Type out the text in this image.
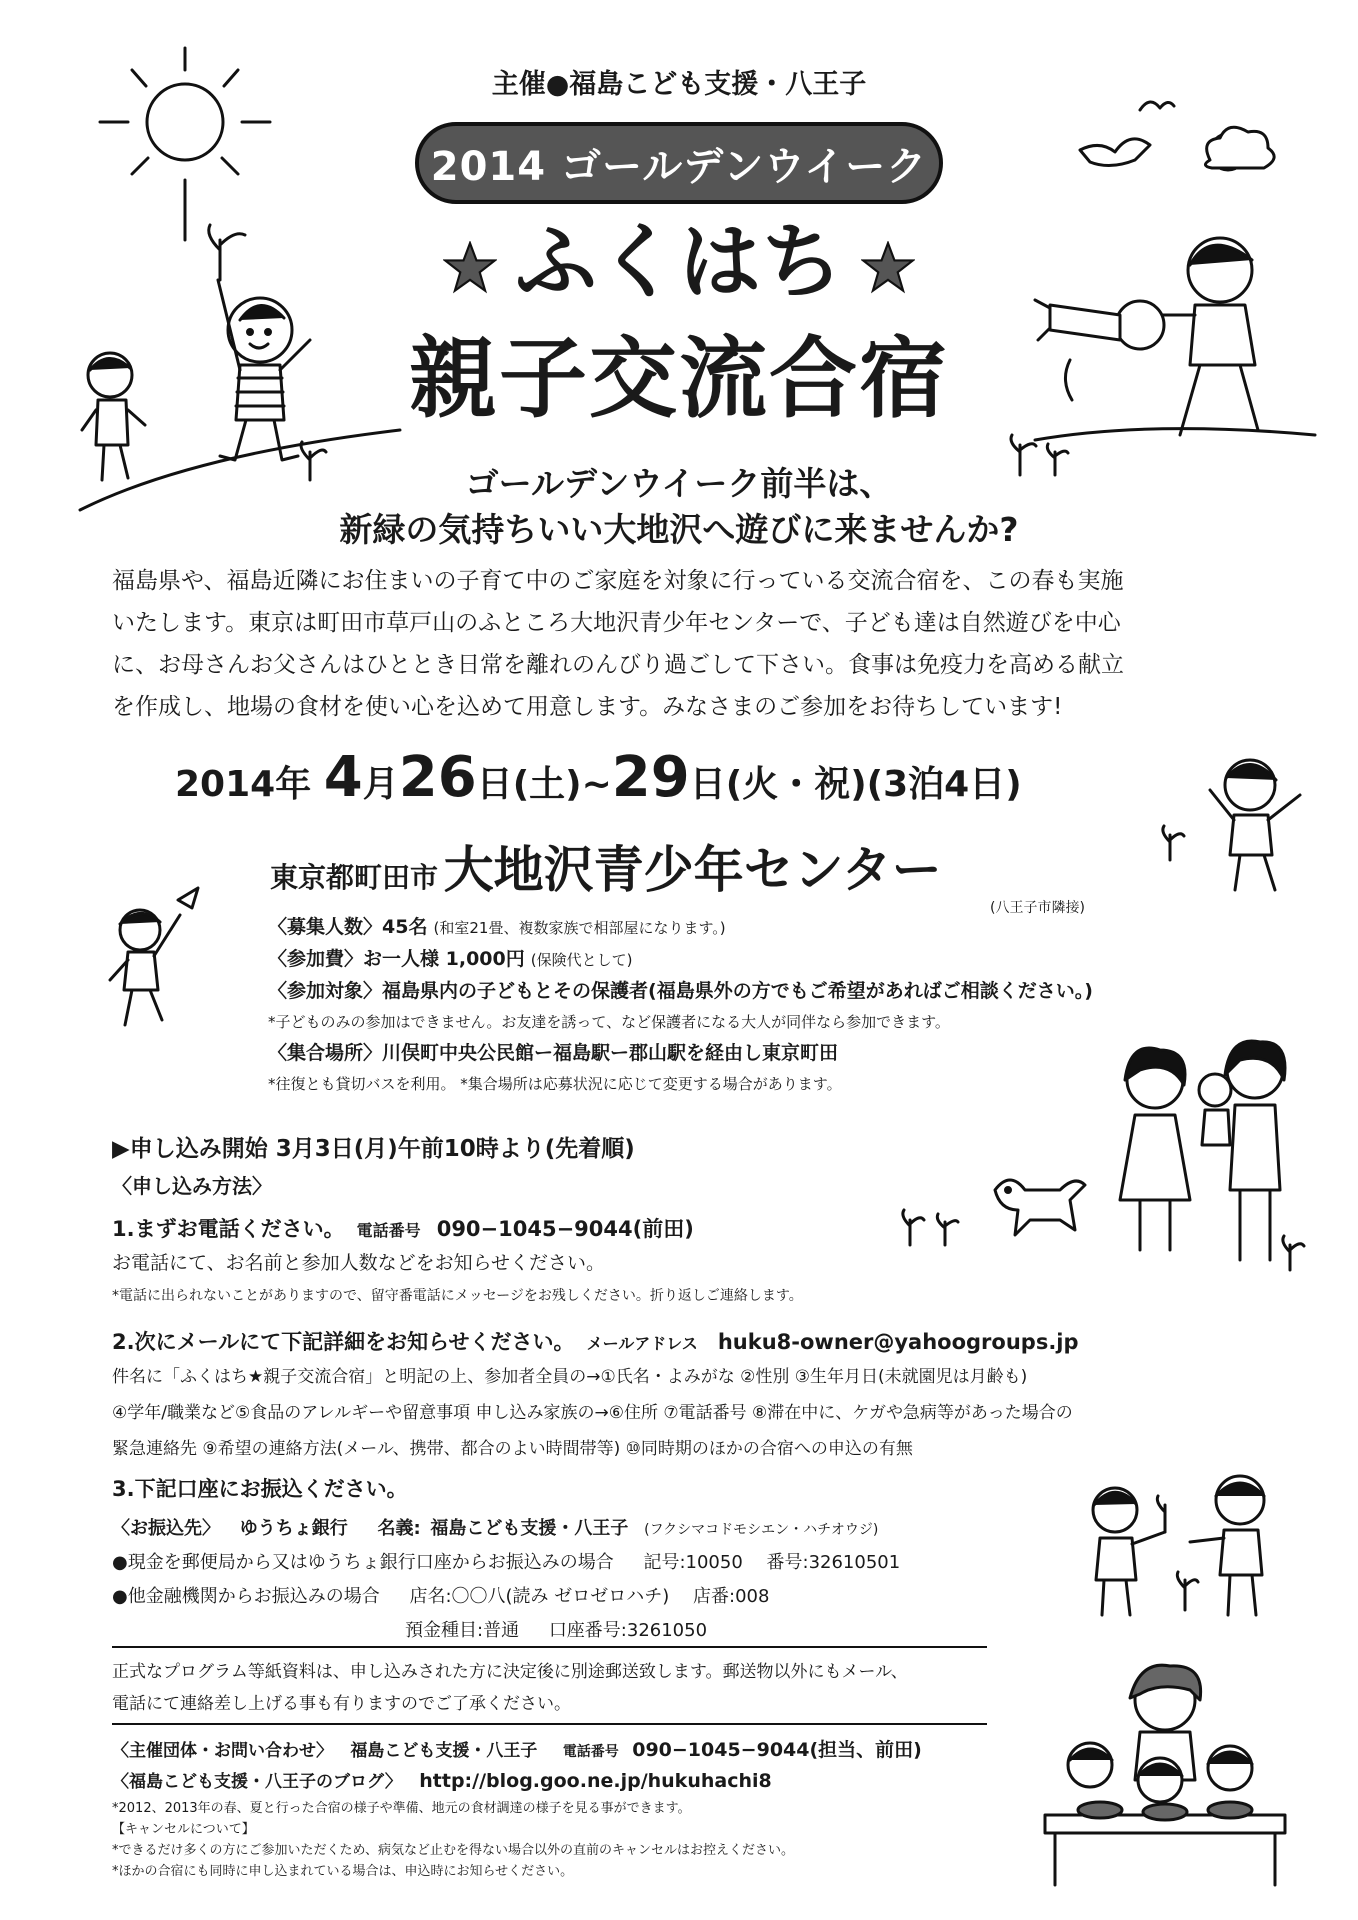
主催●福島こども支援・八王子
2014 ゴールデンウイーク
ふくはち
親子交流合宿
ゴールデンウイーク前半は、
新緑の気持ちいい大地沢へ遊びに来ませんか?
福島県や、福島近隣にお住まいの子育て中のご家庭を対象に行っている交流合宿を、この春も実施
いたします。東京は町田市草戸山のふところ大地沢青少年センターで、子ども達は自然遊びを中心
に、お母さんお父さんはひととき日常を離れのんびり過ごして下さい。食事は免疫力を高める献立
を作成し、地場の食材を使い心を込めて用意します。みなさまのご参加をお待ちしています!
2014年 4月26日(土)~29日(火・祝)(3泊4日)
東京都町田市 大地沢青少年センター
(八王子市隣接)
〈募集人数〉45名 (和室21畳、複数家族で相部屋になります。)
〈参加費〉お一人様 1,000円 (保険代として)
〈参加対象〉福島県内の子どもとその保護者(福島県外の方でもご希望があればご相談ください。)
*子どものみの参加はできません。お友達を誘って、など保護者になる大人が同伴なら参加できます。
〈集合場所〉川俣町中央公民館ー福島駅ー郡山駅を経由し東京町田
*往復とも貸切バスを利用。 *集合場所は応募状況に応じて変更する場合があります。
▶申し込み開始 3月3日(月)午前10時より(先着順)
〈申し込み方法〉
1.まずお電話ください。 電話番号 090−1045−9044(前田)
お電話にて、お名前と参加人数などをお知らせください。
*電話に出られないことがありますので、留守番電話にメッセージをお残しください。折り返しご連絡します。
2.次にメールにて下記詳細をお知らせください。 メールアドレス huku8-owner@yahoogroups.jp
件名に「ふくはち★親子交流合宿」と明記の上、参加者全員の→①氏名・よみがな ②性別 ③生年月日(未就園児は月齢も)
④学年/職業など⑤食品のアレルギーや留意事項 申し込み家族の→⑥住所 ⑦電話番号 ⑧滞在中に、ケガや急病等があった場合の
緊急連絡先 ⑨希望の連絡方法(メール、携帯、都合のよい時間帯等) ⑩同時期のほかの合宿への申込の有無
3.下記口座にお振込ください。
〈お振込先〉 ゆうちょ銀行 名義: 福島こども支援・八王子 (フクシマコドモシエン・ハチオウジ)
●現金を郵便局から又はゆうちょ銀行口座からお振込みの場合 記号:10050 番号:32610501
●他金融機関からお振込みの場合 店名:〇〇八(読み ゼロゼロハチ) 店番:008
預金種目:普通 口座番号:3261050
正式なプログラム等紙資料は、申し込みされた方に決定後に別途郵送致します。郵送物以外にもメール、
電話にて連絡差し上げる事も有りますのでご了承ください。
〈主催団体・お問い合わせ〉 福島こども支援・八王子 電話番号 090−1045−9044(担当、前田)
〈福島こども支援・八王子のブログ〉 http://blog.goo.ne.jp/hukuhachi8
*2012、2013年の春、夏と行った合宿の様子や準備、地元の食材調達の様子を見る事ができます。
【キャンセルについて】
*できるだけ多くの方にご参加いただくため、病気など止むを得ない場合以外の直前のキャンセルはお控えください。
*ほかの合宿にも同時に申し込まれている場合は、申込時にお知らせください。
